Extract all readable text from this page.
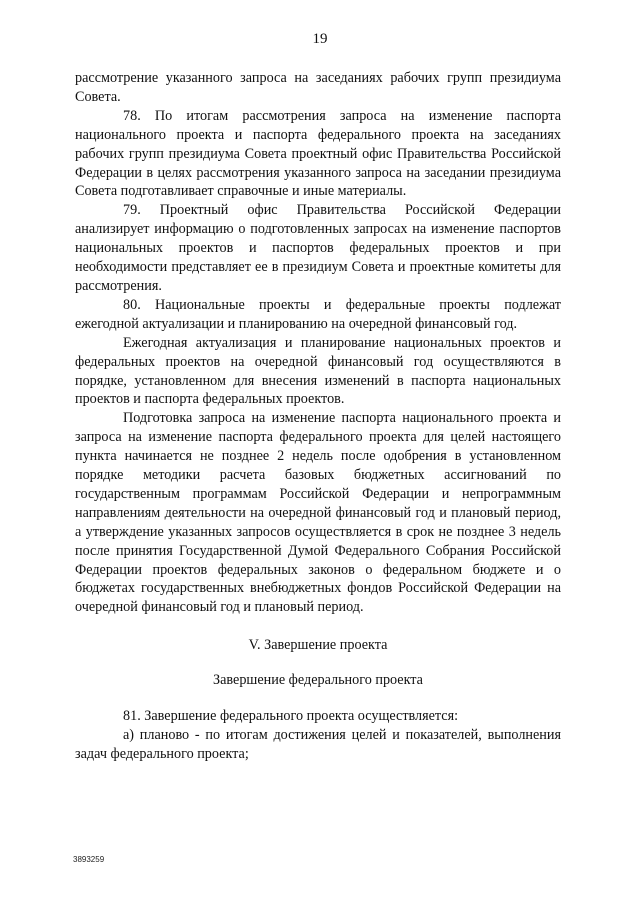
19

рассмотрение указанного запроса на заседаниях рабочих групп президиума Совета.

78. По итогам рассмотрения запроса на изменение паспорта национального проекта и паспорта федерального проекта на заседаниях рабочих групп президиума Совета проектный офис Правительства Российской Федерации в целях рассмотрения указанного запроса на заседании президиума Совета подготавливает справочные и иные материалы.

79. Проектный офис Правительства Российской Федерации анализирует информацию о подготовленных запросах на изменение паспортов национальных проектов и паспортов федеральных проектов и при необходимости представляет ее в президиум Совета и проектные комитеты для рассмотрения.

80. Национальные проекты и федеральные проекты подлежат ежегодной актуализации и планированию на очередной финансовый год.

Ежегодная актуализация и планирование национальных проектов и федеральных проектов на очередной финансовый год осуществляются в порядке, установленном для внесения изменений в паспорта национальных проектов и паспорта федеральных проектов.

Подготовка запроса на изменение паспорта национального проекта и запроса на изменение паспорта федерального проекта для целей настоящего пункта начинается не позднее 2 недель после одобрения в установленном порядке методики расчета базовых бюджетных ассигнований по государственным программам Российской Федерации и непрограммным направлениям деятельности на очередной финансовый год и плановый период, а утверждение указанных запросов осуществляется в срок не позднее 3 недель после принятия Государственной Думой Федерального Собрания Российской Федерации проектов федеральных законов о федеральном бюджете и о бюджетах государственных внебюджетных фондов Российской Федерации на очередной финансовый год и плановый период.

V. Завершение проекта

Завершение федерального проекта

81. Завершение федерального проекта осуществляется:

а) планово - по итогам достижения целей и показателей, выполнения задач федерального проекта;

3893259
